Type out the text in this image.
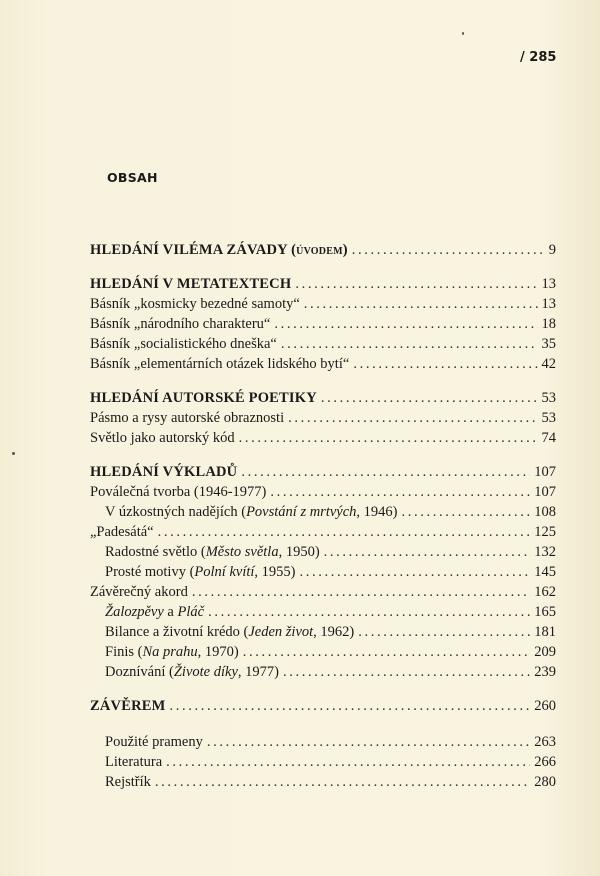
/ 285
OBSAH
HLEDÁNÍ VILÉMA ZÁVADY (úvodem) . . .	9
HLEDÁNÍ V METATEXTECH . . .	13
Básník „kosmicky bezedné samoty“ . . .	13
Básník „národního charakteru“ . . .	18
Básník „socialistického dneška“ . . .	35
Básník „elementárních otázek lidského bytí“ . . .	42
HLEDÁNÍ AUTORSKÉ POETIKY . . .	53
Pásmo a rysy autorské obraznosti . . .	53
Světlo jako autorský kód . . .	74
HLEDÁNÍ VÝKLADŮ . . .	107
Poválečná tvorba (1946-1977) . . .	107
V úzkostných nadějích (Povstání z mrtvých, 1946) . . .	108
„Padesátá“ . . .	125
Radostné světlo (Město světla, 1950) . . .	132
Prosté motivy (Polní kvítí, 1955) . . .	145
Závěrečný akord . . .	162
Žalozpěvy a Pláč . . .	165
Bilance a životní krédo (Jeden život, 1962) . . .	181
Finis (Na prahu, 1970) . . .	209
Doznívání (Živote díky, 1977) . . .	239
ZÁVĚREM . . .	260
Použité prameny . . .	263
Literatura . . .	266
Rejstřík . . .	280
